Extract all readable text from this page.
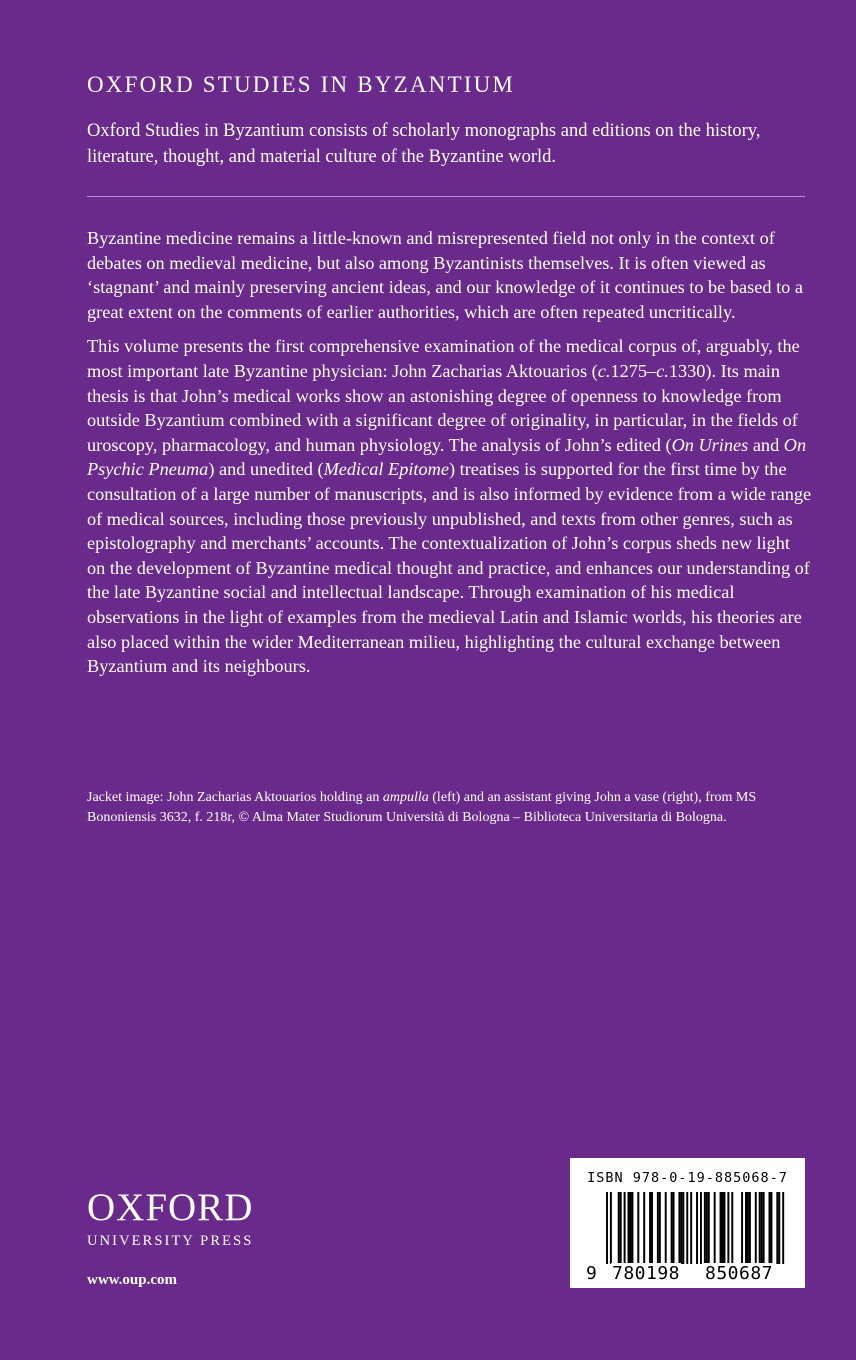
OXFORD STUDIES IN BYZANTIUM

Oxford Studies in Byzantium consists of scholarly monographs and editions on the history, literature, thought, and material culture of the Byzantine world.

Byzantine medicine remains a little-known and misrepresented field not only in the context of debates on medieval medicine, but also among Byzantinists themselves. It is often viewed as ‘stagnant’ and mainly preserving ancient ideas, and our knowledge of it continues to be based to a great extent on the comments of earlier authorities, which are often repeated uncritically.

This volume presents the first comprehensive examination of the medical corpus of, arguably, the most important late Byzantine physician: John Zacharias Aktouarios (c.1275–c.1330). Its main thesis is that John’s medical works show an astonishing degree of openness to knowledge from outside Byzantium combined with a significant degree of originality, in particular, in the fields of uroscopy, pharmacology, and human physiology. The analysis of John’s edited (On Urines and On Psychic Pneuma) and unedited (Medical Epitome) treatises is supported for the first time by the consultation of a large number of manuscripts, and is also informed by evidence from a wide range of medical sources, including those previously unpublished, and texts from other genres, such as epistolography and merchants’ accounts. The contextualization of John’s corpus sheds new light on the development of Byzantine medical thought and practice, and enhances our understanding of the late Byzantine social and intellectual landscape. Through examination of his medical observations in the light of examples from the medieval Latin and Islamic worlds, his theories are also placed within the wider Mediterranean milieu, highlighting the cultural exchange between Byzantium and its neighbours.

Jacket image: John Zacharias Aktouarios holding an ampulla (left) and an assistant giving John a vase (right), from MS Bononiensis 3632, f. 218r, © Alma Mater Studiorum Università di Bologna – Biblioteca Universitaria di Bologna.

OXFORD
UNIVERSITY PRESS
www.oup.com
ISBN 978-0-19-885068-7
9 780198 850687
